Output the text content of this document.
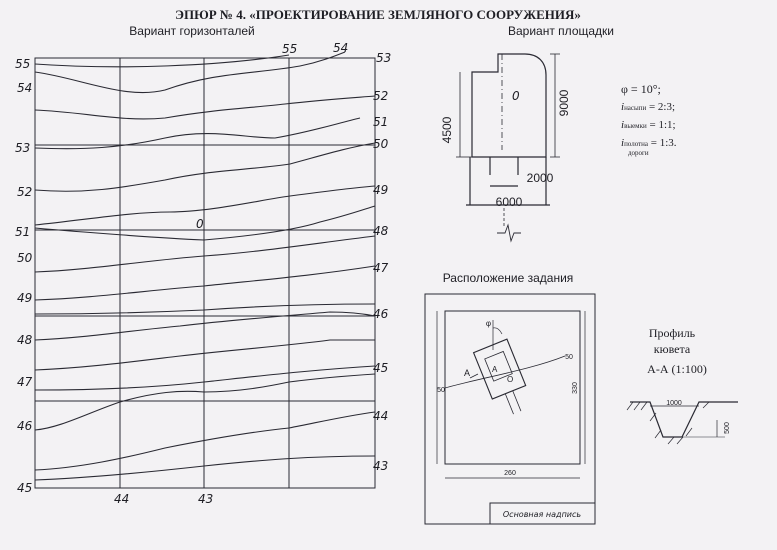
ЭПЮР № 4. «ПРОЕКТИРОВАНИЕ ЗЕМЛЯНОГО СООРУЖЕНИЯ»
Вариант горизонталей
55
54
53
52
51
50
49
48
47
46
45
53
52
51
50
49
48
47
46
45
44
43
55	54
44	43
0
Вариант площадки
0	9000
4500
2000
6000
φ = 10°;
iнасыпи = 2:3;
iвыемки = 1:1;
iполотна = 1:3.
дороги
Расположение задания
50
50
330
260
φ
A	A
O
Основная надпись
Профиль
кювета
А-А (1:100)
1000
500
